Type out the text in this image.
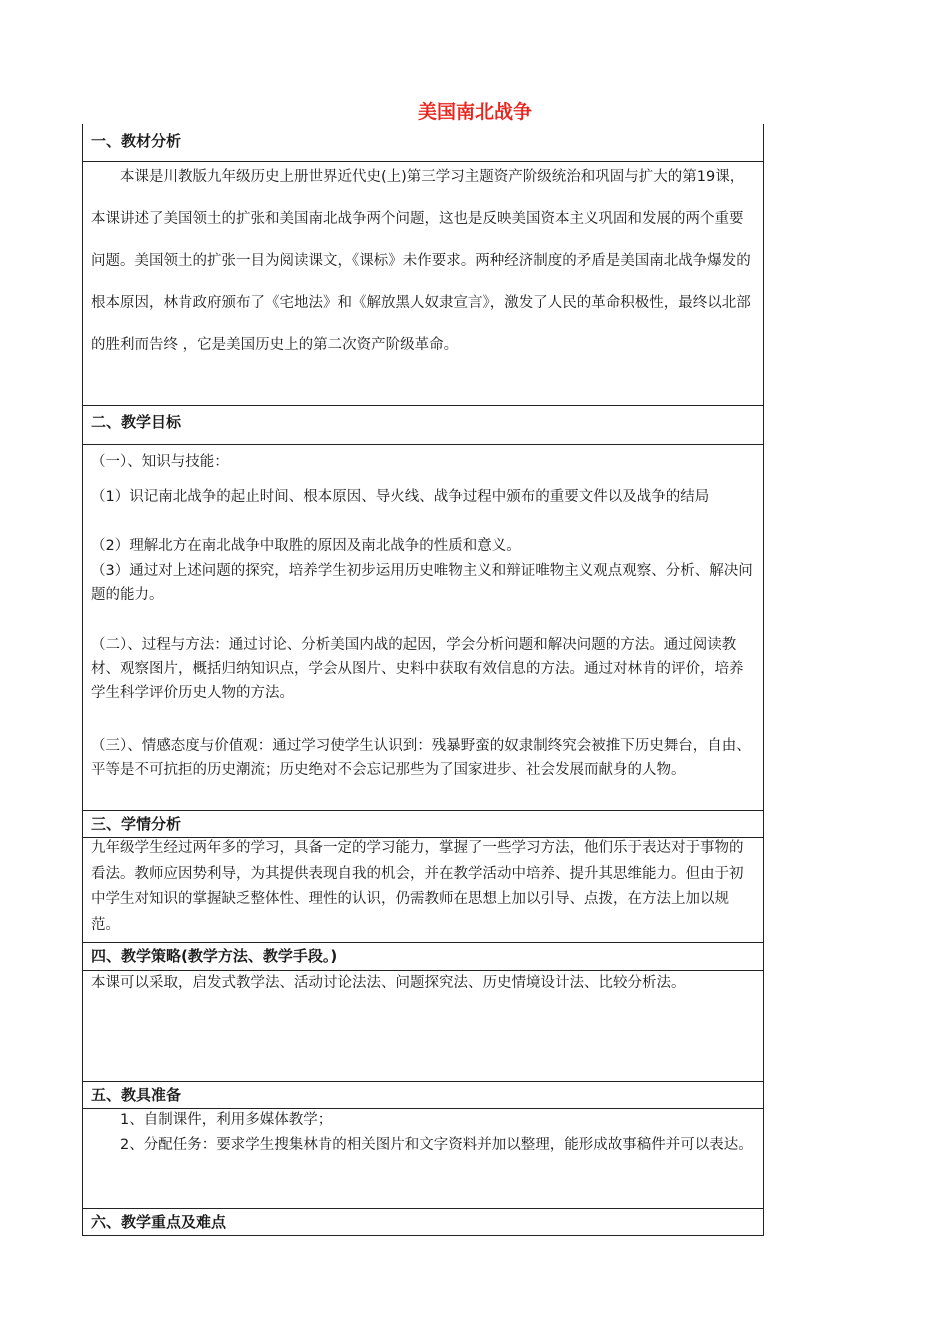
美国南北战争
一、教材分析
本课是川教版九年级历史上册世界近代史(上)第三学习主题资产阶级统治和巩固与扩大的第19课，本课讲述了美国领土的扩张和美国南北战争两个问题，这也是反映美国资本主义巩固和发展的两个重要问题。美国领土的扩张一目为阅读课文，《课标》未作要求。两种经济制度的矛盾是美国南北战争爆发的根本原因，林肯政府颁布了《宅地法》和《解放黑人奴隶宣言》，激发了人民的革命积极性，最终以北部的胜利而告终 ，它是美国历史上的第二次资产阶级革命。
二、教学目标
（一）、知识与技能：
（1）识记南北战争的起止时间、根本原因、导火线、战争过程中颁布的重要文件以及战争的结局
（2）理解北方在南北战争中取胜的原因及南北战争的性质和意义。
（3）通过对上述问题的探究，培养学生初步运用历史唯物主义和辩证唯物主义观点观察、分析、解决问题的能力。
（二）、过程与方法：通过讨论、分析美国内战的起因，学会分析问题和解决问题的方法。通过阅读教材、观察图片，概括归纳知识点，学会从图片、史料中获取有效信息的方法。通过对林肯的评价，培养学生科学评价历史人物的方法。
（三）、情感态度与价值观：通过学习使学生认识到：残暴野蛮的奴隶制终究会被推下历史舞台，自由、平等是不可抗拒的历史潮流；历史绝对不会忘记那些为了国家进步、社会发展而献身的人物。
三、学情分析
九年级学生经过两年多的学习，具备一定的学习能力，掌握了一些学习方法，他们乐于表达对于事物的看法。教师应因势利导，为其提供表现自我的机会，并在教学活动中培养、提升其思维能力。但由于初中学生对知识的掌握缺乏整体性、理性的认识，仍需教师在思想上加以引导、点拨，在方法上加以规范。
四、教学策略(教学方法、教学手段。)
本课可以采取，启发式教学法、活动讨论法法、问题探究法、历史情境设计法、比较分析法。
五、教具准备
1、自制课件，利用多媒体教学；
2、分配任务：要求学生搜集林肯的相关图片和文字资料并加以整理，能形成故事稿件并可以表达。
六、教学重点及难点
